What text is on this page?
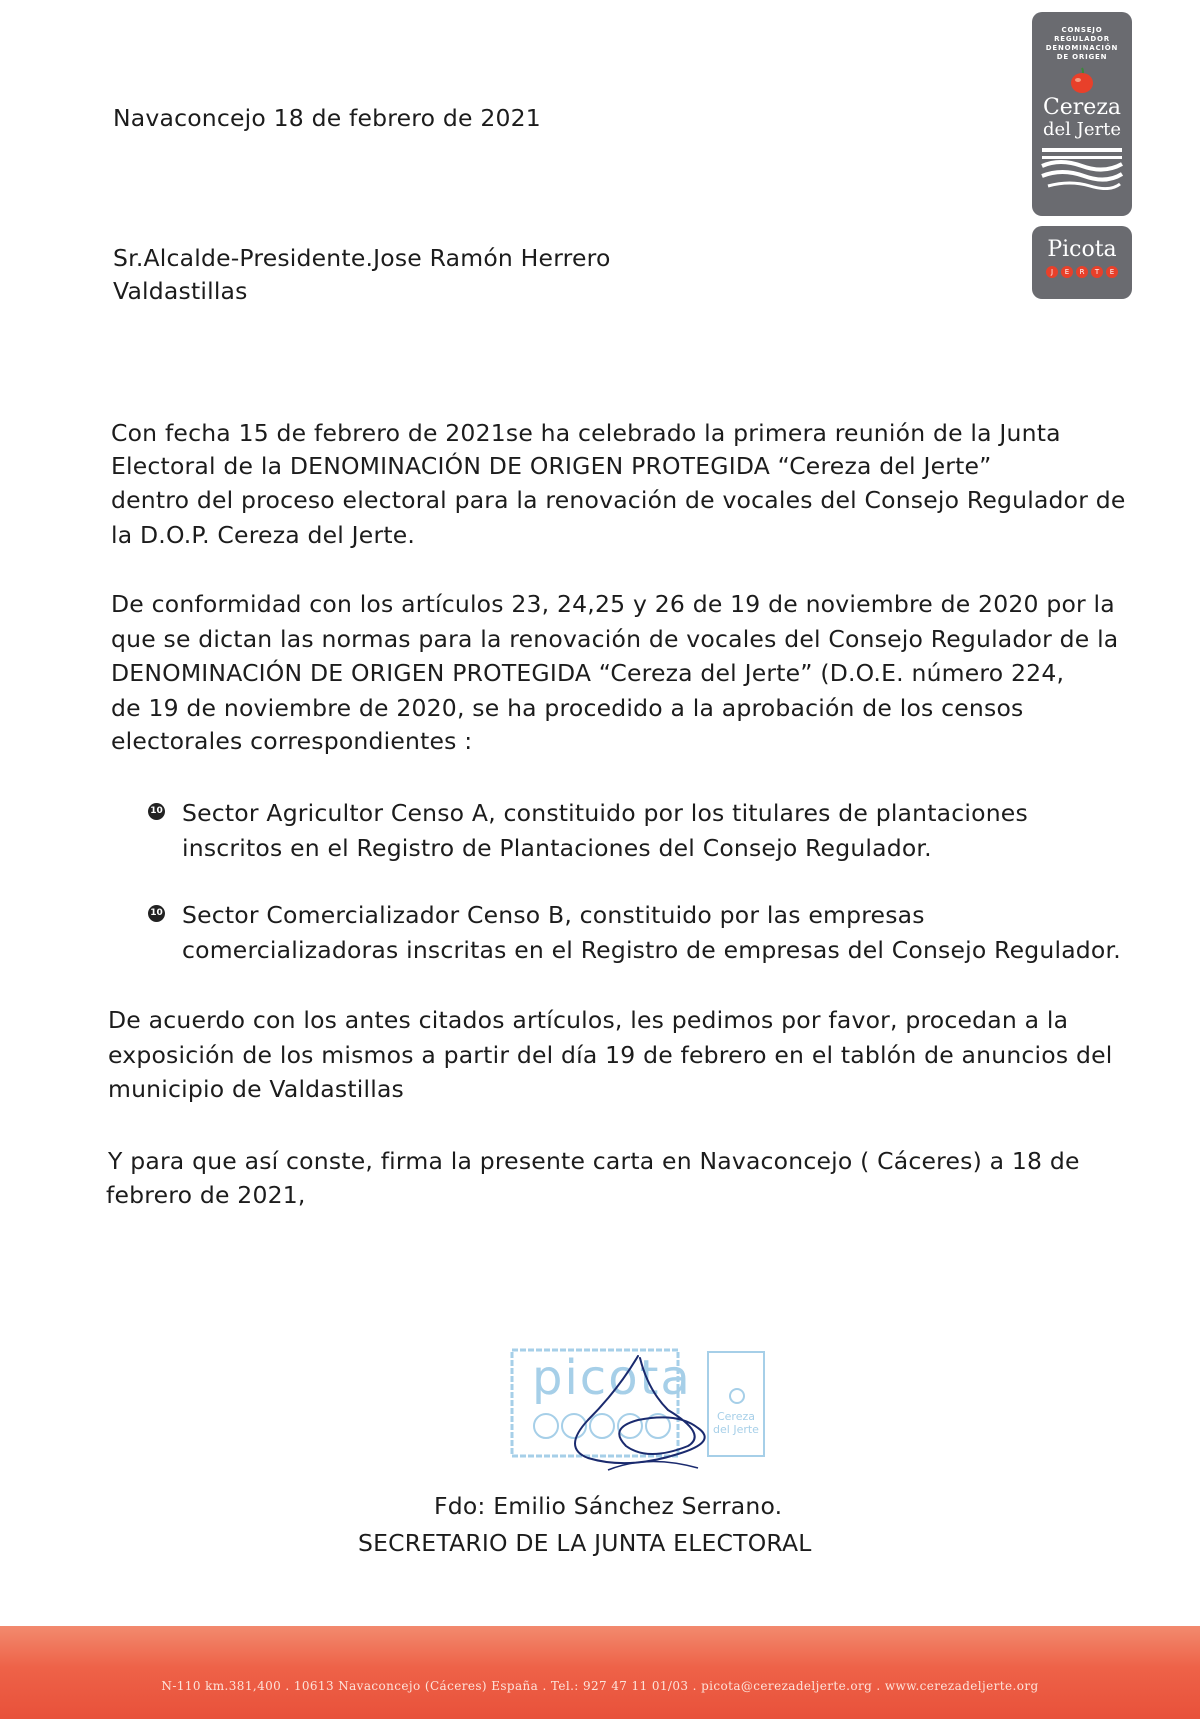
CONSEJO
REGULADOR
DENOMINACIÓN
DE ORIGEN
Cereza
del Jerte
Picota
J	E	R	T	E
Navaconcejo 18 de febrero de 2021
Sr.Alcalde-Presidente.Jose Ramón Herrero
Valdastillas
Con fecha 15 de febrero de 2021se ha celebrado la primera reunión de la Junta
Electoral de la DENOMINACIÓN DE ORIGEN PROTEGIDA “Cereza del Jerte”
dentro del proceso electoral para la renovación de vocales del Consejo Regulador de
la D.O.P. Cereza del Jerte.
De conformidad con los artículos 23, 24,25 y 26 de 19 de noviembre de 2020 por la
que se dictan las normas para la renovación de vocales del Consejo Regulador de la
DENOMINACIÓN DE ORIGEN PROTEGIDA “Cereza del Jerte” (D.O.E. número 224,
de 19 de noviembre de 2020, se ha procedido a la aprobación de los censos
electorales correspondientes :
10 Sector Agricultor Censo A, constituido por los titulares de plantaciones
inscritos en el Registro de Plantaciones del Consejo Regulador.
10 Sector Comercializador Censo B, constituido por las empresas
comercializadoras inscritas en el Registro de empresas del Consejo Regulador.
De acuerdo con los antes citados artículos, les pedimos por favor, procedan a la
exposición de los mismos a partir del día 19 de febrero en el tablón de anuncios del
municipio de Valdastillas
Y para que así conste, firma la presente carta en Navaconcejo ( Cáceres) a 18 de
febrero de 2021,
picota
Cereza del Jerte
Fdo: Emilio Sánchez Serrano.
SECRETARIO DE LA JUNTA ELECTORAL
N-110 km.381,400 . 10613 Navaconcejo (Cáceres) España . Tel.: 927 47 11 01/03 . picota@cerezadeljerte.org . www.cerezadeljerte.org
